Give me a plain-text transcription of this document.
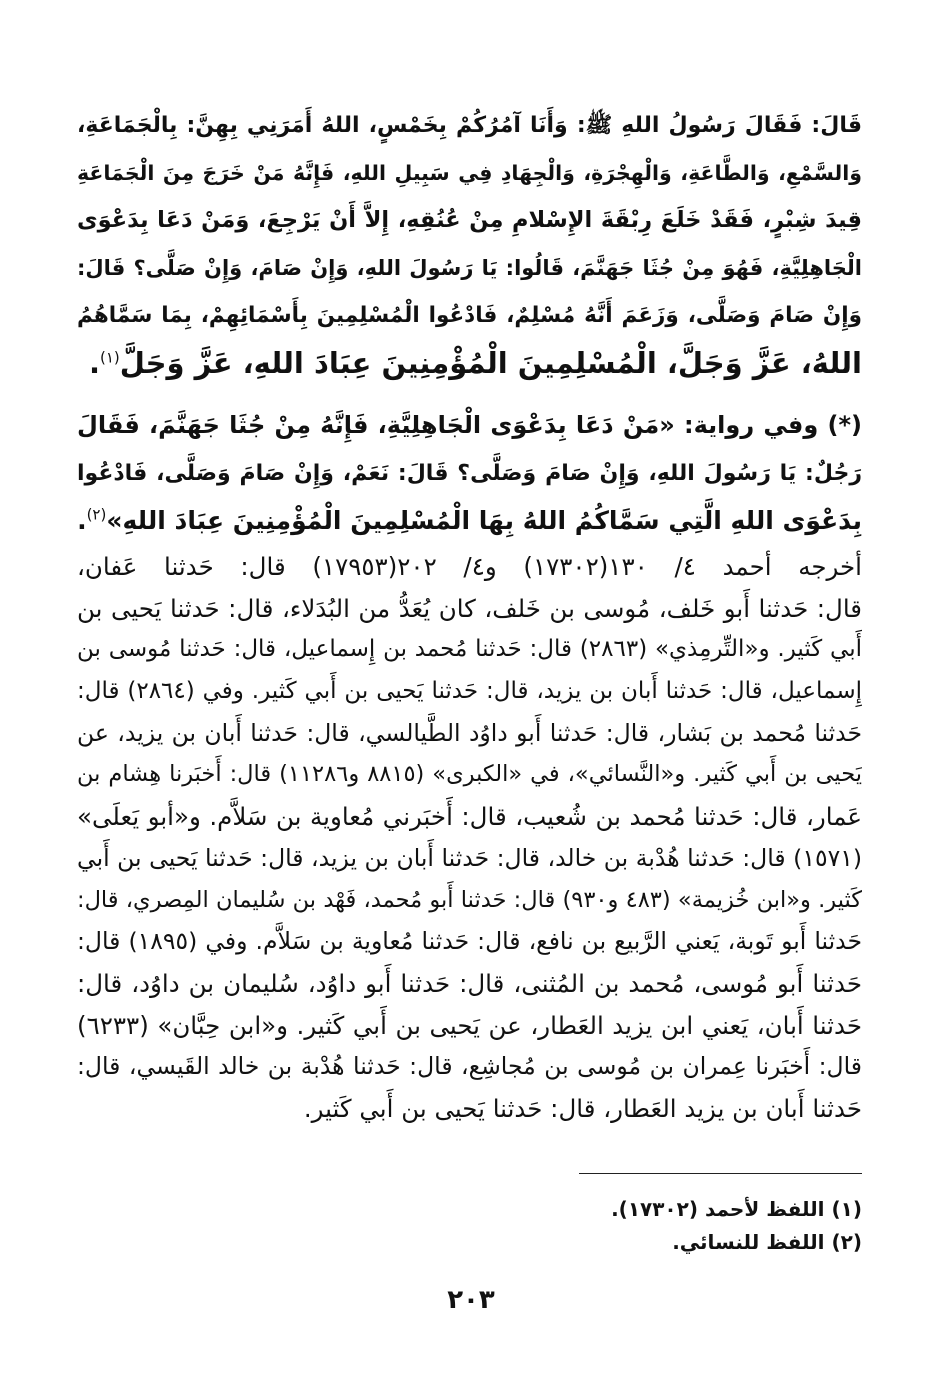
قَالَ: فَقَالَ رَسُولُ اللهِ ﷺ: وَأَنَا آمُرُكُمْ بِخَمْسٍ، اللهُ أَمَرَنِي بِهِنَّ: بِالْجَمَاعَةِ،
وَالسَّمْعِ، وَالطَّاعَةِ، وَالْهِجْرَةِ، وَالْجِهَادِ فِي سَبِيلِ اللهِ، فَإِنَّهُ مَنْ خَرَجَ مِنَ الْجَمَاعَةِ
قِيدَ شِبْرٍ، فَقَدْ خَلَعَ رِبْقَةَ الإِسْلامِ مِنْ عُنُقِهِ، إِلاَّ أَنْ يَرْجِعَ، وَمَنْ دَعَا بِدَعْوَى
الْجَاهِلِيَّةِ، فَهُوَ مِنْ جُثَا جَهَنَّمَ، قَالُوا: يَا رَسُولَ اللهِ، وَإِنْ صَامَ، وَإِنْ صَلَّى؟ قَالَ:
وَإِنْ صَامَ وَصَلَّى، وَزَعَمَ أَنَّهُ مُسْلِمٌ، فَادْعُوا الْمُسْلِمِينَ بِأَسْمَائِهِمْ، بِمَا سَمَّاهُمُ
اللهُ، عَزَّ وَجَلَّ، الْمُسْلِمِينَ الْمُؤْمِنِينَ عِبَادَ اللهِ، عَزَّ وَجَلَّ$^{(١)}$.
(*) وفي رواية: «مَنْ دَعَا بِدَعْوَى الْجَاهِلِيَّةِ، فَإِنَّهُ مِنْ جُثَا جَهَنَّمَ، فَقَالَ
رَجُلٌ: يَا رَسُولَ اللهِ، وَإِنْ صَامَ وَصَلَّى؟ قَالَ: نَعَمْ، وَإِنْ صَامَ وَصَلَّى، فَادْعُوا
بِدَعْوَى اللهِ الَّتِي سَمَّاكُمُ اللهُ بِهَا الْمُسْلِمِينَ الْمُؤْمِنِينَ عِبَادَ اللهِ»$^{(٢)}$.
أخرجه أحمد ٤/ ١٣٠(١٧٣٠٢) و٤/ ٢٠٢(١٧٩٥٣) قال: حَدثنا عَفان،
قال: حَدثنا أَبو خَلف، مُوسى بن خَلف، كان يُعَدُّ من البُدَلاء، قال: حَدثنا يَحيى بن
أَبي كَثير. و«التِّرمِذي» (٢٨٦٣) قال: حَدثنا مُحمد بن إِسماعيل، قال: حَدثنا مُوسى بن
إِسماعيل، قال: حَدثنا أَبان بن يزيد، قال: حَدثنا يَحيى بن أَبي كَثير. وفي (٢٨٦٤) قال:
حَدثنا مُحمد بن بَشار، قال: حَدثنا أَبو داوُد الطَّيالسي، قال: حَدثنا أَبان بن يزيد، عن
يَحيى بن أَبي كَثير. و«النَّسائي»، في «الكبرى» (٨٨١٥ و١١٢٨٦) قال: أَخبَرنا هِشام بن
عَمار، قال: حَدثنا مُحمد بن شُعيب، قال: أَخبَرني مُعاوية بن سَلاَّم. و«أبو يَعلَى»
(١٥٧١) قال: حَدثنا هُدْبة بن خالد، قال: حَدثنا أَبان بن يزيد، قال: حَدثنا يَحيى بن أَبي
كَثير. و«ابن خُزيمة» (٤٨٣ و٩٣٠) قال: حَدثنا أَبو مُحمد، فَهْد بن سُليمان المِصري، قال:
حَدثنا أَبو تَوبة، يَعني الرَّبيع بن نافع، قال: حَدثنا مُعاوية بن سَلاَّم. وفي (١٨٩٥) قال:
حَدثنا أَبو مُوسى، مُحمد بن المُثنى، قال: حَدثنا أَبو داوُد، سُليمان بن داوُد، قال:
حَدثنا أَبان، يَعني ابن يزيد العَطار، عن يَحيى بن أَبي كَثير. و«ابن حِبَّان» (٦٢٣٣)
قال: أَخبَرنا عِمران بن مُوسى بن مُجاشِع، قال: حَدثنا هُدْبة بن خالد القَيسي، قال:
حَدثنا أَبان بن يزيد العَطار، قال: حَدثنا يَحيى بن أَبي كَثير.
(١) اللفظ لأحمد (١٧٣٠٢).
(٢) اللفظ للنسائي.
٢٠٣
